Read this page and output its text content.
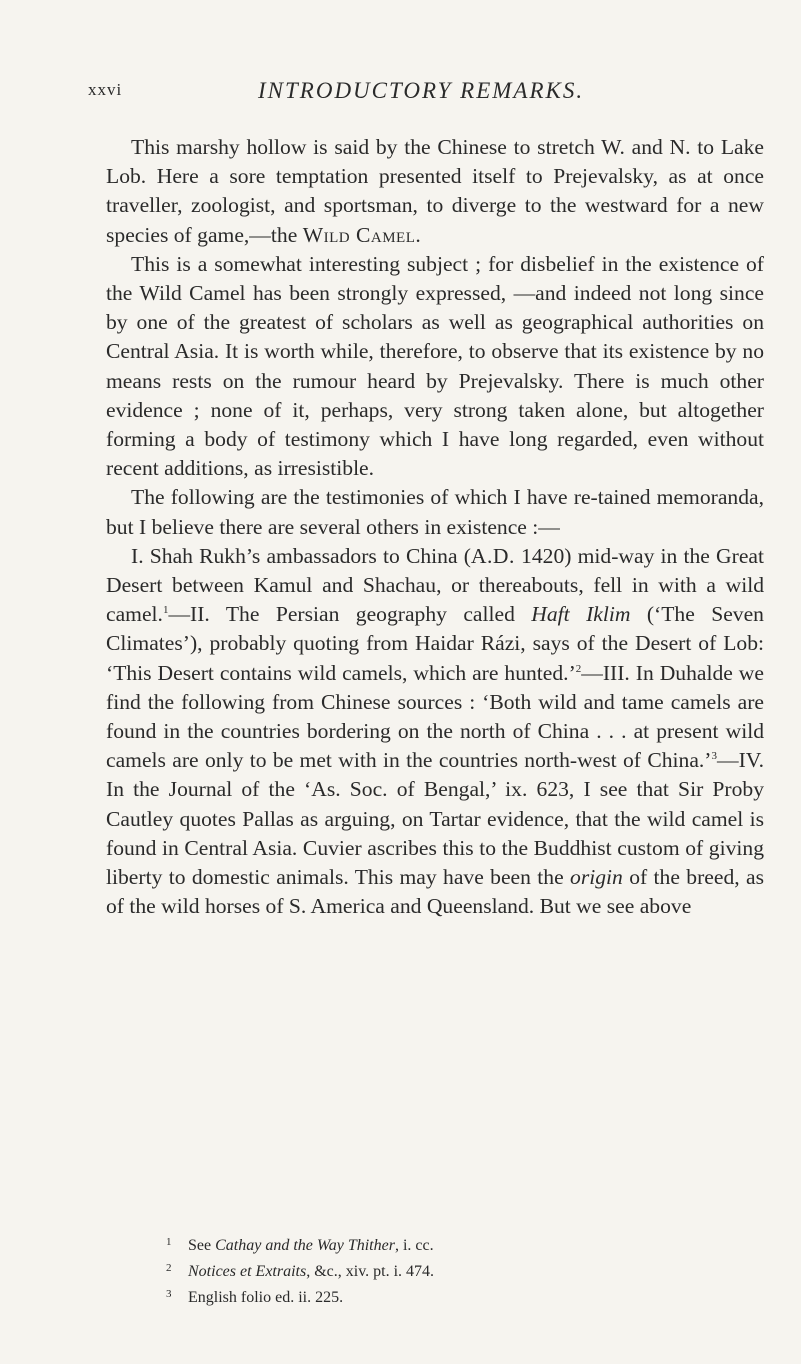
xxvi	INTRODUCTORY REMARKS.

This marshy hollow is said by the Chinese to stretch W. and N. to Lake Lob. Here a sore temptation presented itself to Prejevalsky, as at once traveller, zoologist, and sportsman, to diverge to the westward for a new species of game,—the Wild Camel.

This is a somewhat interesting subject ; for disbelief in the existence of the Wild Camel has been strongly expressed, —and indeed not long since by one of the greatest of scholars as well as geographical authorities on Central Asia. It is worth while, therefore, to observe that its existence by no means rests on the rumour heard by Prejevalsky. There is much other evidence ; none of it, perhaps, very strong taken alone, but altogether forming a body of testimony which I have long regarded, even without recent additions, as irresistible.

The following are the testimonies of which I have re-tained memoranda, but I believe there are several others in existence :—

I. Shah Rukh’s ambassadors to China (A.D. 1420) mid-way in the Great Desert between Kamul and Shachau, or thereabouts, fell in with a wild camel.$^1$—II. The Persian geography called Haft Iklim (‘The Seven Climates’), probably quoting from Haidar Rázi, says of the Desert of Lob: ‘This Desert contains wild camels, which are hunted.’$^2$—III. In Duhalde we find the following from Chinese sources : ‘Both wild and tame camels are found in the countries bordering on the north of China . . . at present wild camels are only to be met with in the countries north-west of China.’$^3$—IV. In the Journal of the ‘As. Soc. of Bengal,’ ix. 623, I see that Sir Proby Cautley quotes Pallas as arguing, on Tartar evidence, that the wild camel is found in Central Asia. Cuvier ascribes this to the Buddhist custom of giving liberty to domestic animals. This may have been the origin of the breed, as of the wild horses of S. America and Queensland. But we see above

1 See Cathay and the Way Thither, i. cc.

2 Notices et Extraits, &c., xiv. pt. i. 474.

3 English folio ed. ii. 225.
